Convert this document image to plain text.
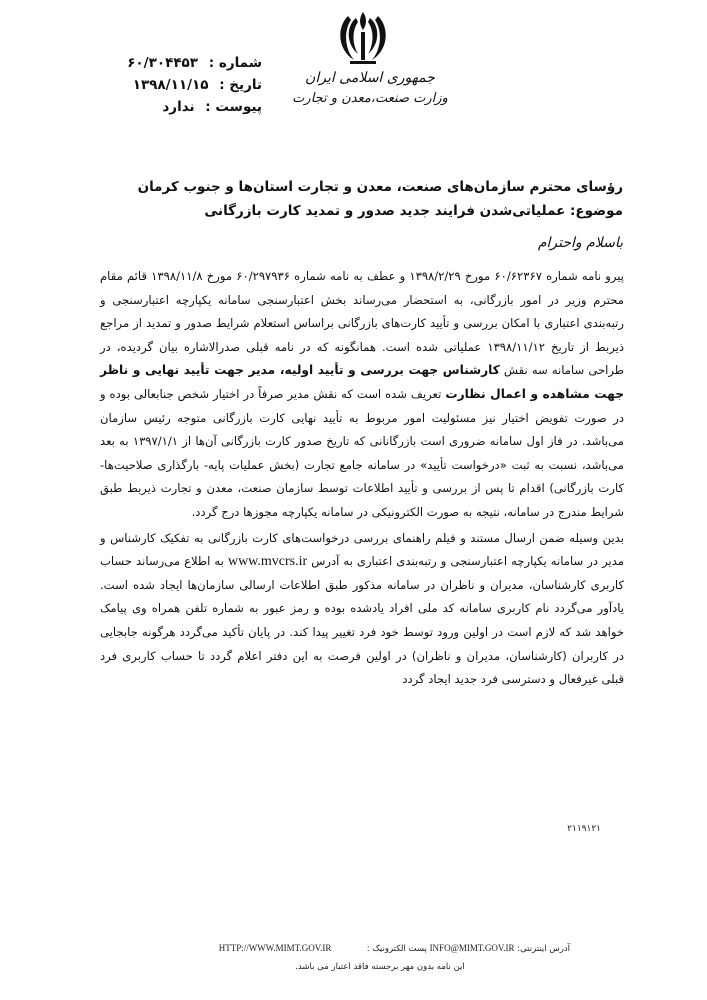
شماره : ۶۰/۳۰۴۴۵۳
تاریخ : ۱۳۹۸/۱۱/۱۵
پیوست : ندارد
جمهوری اسلامی ایران
وزارت صنعت،معدن و تجارت
رؤسای محترم سازمان‌های صنعت، معدن و تجارت استان‌ها و جنوب کرمان
موضوع: عملیاتی‌شدن فرایند جدید صدور و تمدید کارت بازرگانی
باسلام واحترام

پیرو نامه شماره ۶۰/۶۲۳۶۷ مورخ ۱۳۹۸/۲/۲۹ و عطف به نامه شماره ۶۰/۲۹۷۹۳۶ مورخ ۱۳۹۸/۱۱/۸ قائم مقام محترم وزیر در امور بازرگانی، به استحضار می‌رساند بخش اعتبارسنجی سامانه یکپارچه اعتبارسنجی و رتبه‌بندی اعتباری با امکان بررسی و تأیید کارت‌های بازرگانی براساس استعلام شرایط صدور و تمدید از مراجع ذیربط از تاریخ ۱۳۹۸/۱۱/۱۲ عملیاتی شده است. همانگونه که در نامه قبلی صدرالاشاره بیان گردیده، در طراحی سامانه سه نقش کارشناس جهت بررسی و تأیید اولیه، مدیر جهت تأیید نهایی و ناظر جهت مشاهده و اعمال نظارت تعریف شده است که نقش مدیر صرفاً در اختیار شخص جنابعالی بوده و در صورت تفویض اختیار نیز مسئولیت امور مربوط به تأیید نهایی کارت بازرگانی متوجه رئیس سازمان می‌باشد. در فاز اول سامانه ضروری است بازرگانانی که تاریخ صدور کارت بازرگانی آن‌ها از ۱۳۹۷/۱/۱ به بعد می‌باشد، نسبت به ثبت «درخواست تأیید» در سامانه جامع تجارت (بخش عملیات پایه- بارگذاری صلاحیت‌ها- کارت بازرگانی) اقدام تا پس از بررسی و تأیید اطلاعات توسط سازمان صنعت، معدن و تجارت ذیربط طبق شرایط مندرج در سامانه، نتیجه به صورت الکترونیکی در سامانه یکپارچه مجوزها درج گردد.

بدین وسیله ضمن ارسال مستند و فیلم راهنمای بررسی درخواست‌های کارت بازرگانی به تفکیک کارشناس و مدیر در سامانه یکپارچه اعتبارسنجی و رتبه‌بندی اعتباری به آدرس www.mvcrs.ir به اطلاع می‌رساند حساب کاربری کارشناسان، مدیران و ناظران در سامانه مذکور طبق اطلاعات ارسالی سازمان‌ها ایجاد شده است. یادآور می‌گردد نام کاربری سامانه کد ملی افراد یادشده بوده و رمز عبور به شماره تلفن همراه وی پیامک خواهد شد که لازم است در اولین ورود توسط خود فرد تغییر پیدا کند. در پایان تأکید می‌گردد هرگونه جابجایی در کاربران (کارشناسان، مدیران و ناظران) در اولین فرصت به این دفتر اعلام گردد تا حساب کاربری فرد قبلی غیرفعال و دسترسی فرد جدید ایجاد گردد

۲۱۱۹۱۲۱
آدرس اینترنتی: HTTP://WWW.MIMT.GOV.IR	پست الکترونیک : INFO@MIMT.GOV.IR
این نامه بدون مهر برجسته فاقد اعتبار می باشد.
